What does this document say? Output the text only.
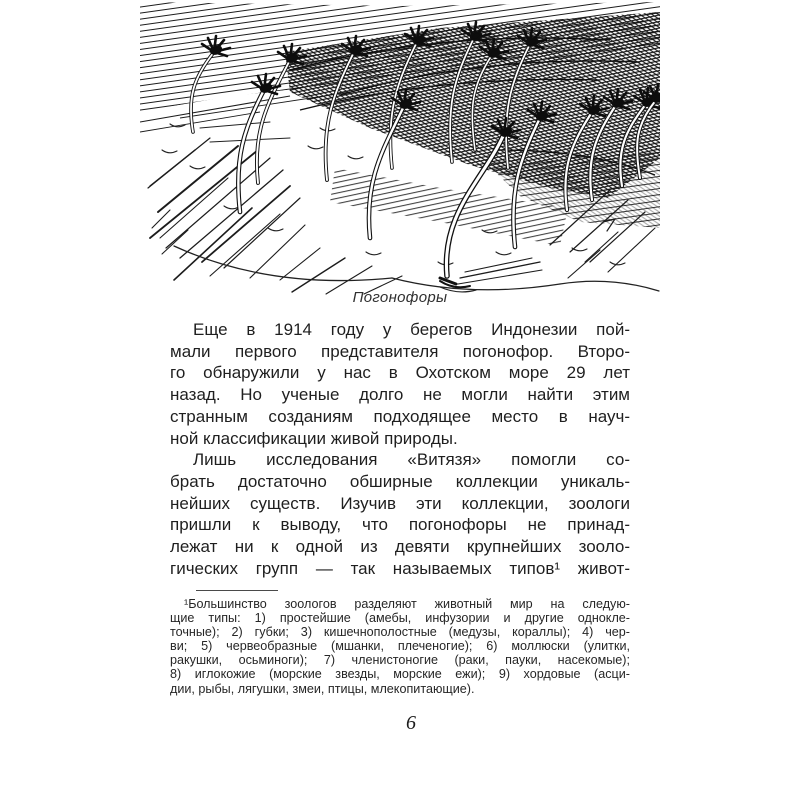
Погонофоры
Еще в 1914 году у берегов Индонезии пой-
мали первого представителя погонофор. Второ-
го обнаружили у нас в Охотском море 29 лет
назад. Но ученые долго не могли найти этим
странным созданиям подходящее место в науч-
ной классификации живой природы.
Лишь исследования «Витязя» помогли со-
брать достаточно обширные коллекции уникаль-
нейших существ. Изучив эти коллекции, зоологи
пришли к выводу, что погонофоры не принад-
лежат ни к одной из девяти крупнейших зооло-
гических групп — так называемых типов¹ живот-
¹Большинство зоологов разделяют животный мир на следую-
щие типы: 1) простейшие (амебы, инфузории и другие однокле-
точные); 2) губки; 3) кишечнополостные (медузы, кораллы); 4) чер-
ви; 5) червеобразные (мшанки, плеченогие); 6) моллюски (улитки,
ракушки, осьминоги); 7) членистоногие (раки, пауки, насекомые);
8) иглокожие (морские звезды, морские ежи); 9) хордовые (асци-
дии, рыбы, лягушки, змеи, птицы, млекопитающие).
6
